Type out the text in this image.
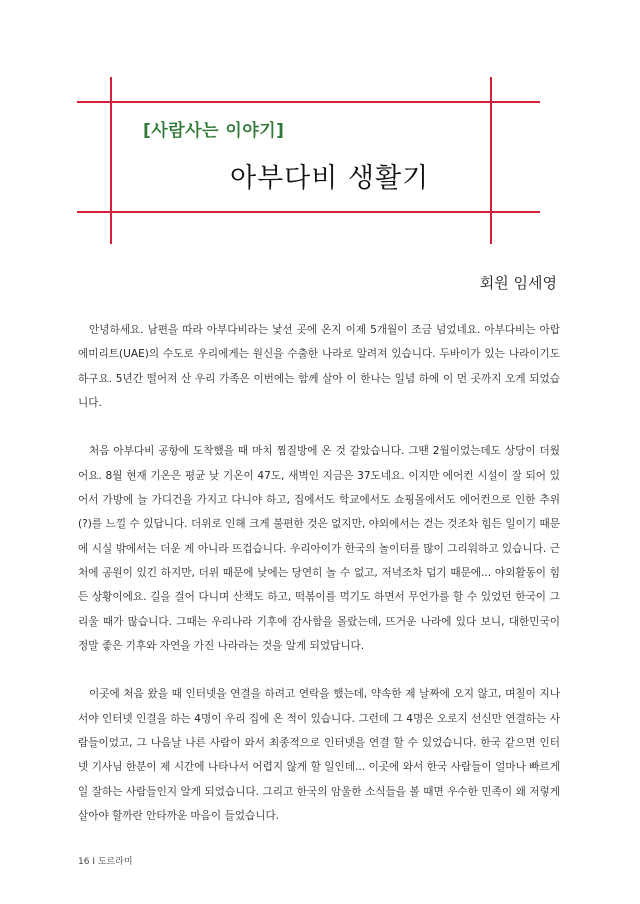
[사람사는 이야기]
아부다비 생활기
회원 임세영

안녕하세요. 남편을 따라 아부다비라는 낯선 곳에 온지 이제 5개월이 조금 넘었네요. 아부다비는 아랍에미리트(UAE)의 수도로 우리에게는 원신을 수출한 나라로 알려져 있습니다. 두바이가 있는 나라이기도 하구요. 5년간 떨어져 산 우리 가족은 이번에는 함께 살아 이 한나는 일념 하에 이 먼 곳까지 오게 되었습니다.

처음 아부다비 공항에 도착했을 때 마치 찜질방에 온 것 같았습니다. 그땐 2월이었는데도 상당이 더웠어요. 8월 현재 기온은 평균 낮 기온이 47도, 새벽인 지금은 37도네요. 이지만 에어컨 시설이 잘 되어 있어서 가방에 늘 가디건을 가지고 다니야 하고, 집에서도 학교에서도 쇼핑몰에서도 에어컨으로 인한 추위(?)를 느낄 수 있답니다. 더위로 인해 크게 불편한 것은 없지만, 야외에서는 걷는 것조차 힘든 일이기 때문에 시실 밖에서는 더운 게 아니라 뜨겁습니다. 우리아이가 한국의 놀이터를 많이 그리워하고 있습니다. 근처에 공원이 있긴 하지만, 더위 때문에 낮에는 당연히 놀 수 없고, 저녁조차 덥기 때문에... 야외활동이 힘든 상황이에요. 길을 걸어 다니며 산책도 하고, 떡볶이를 먹기도 하면서 무언가를 할 수 있었던 한국이 그리울 때가 많습니다. 그때는 우리나라 기후에 감사함을 몰랐는데, 뜨거운 나라에 있다 보니, 대한민국이 정말 좋은 기후와 자연을 가진 나라라는 것을 알게 되었답니다.

이곳에 처음 왔을 때 인터넷을 연결을 하려고 연락을 했는데, 약속한 제 날짜에 오지 않고, 며칠이 지나서야 인터넷 인결을 하는 4명이 우리 집에 온 적이 있습니다. 그런데 그 4명은 오로지 선신만 연결하는 사람들이었고, 그 나음날 나른 사람이 와서 최종적으로 인터넷을 연결 할 수 있었습니다. 한국 같으면 인터넷 기사님 한분이 제 시간에 나타나서 어렵지 않게 할 일인데... 이곳에 와서 한국 사람들이 얼마나 빠르게 일 잘하는 사람들인지 알게 되었습니다. 그리고 한국의 암울한 소식들을 볼 때면 우수한 민족이 왜 저렇게 살아야 할까란 안타까운 마음이 들었습니다.

16 I 도르라미
